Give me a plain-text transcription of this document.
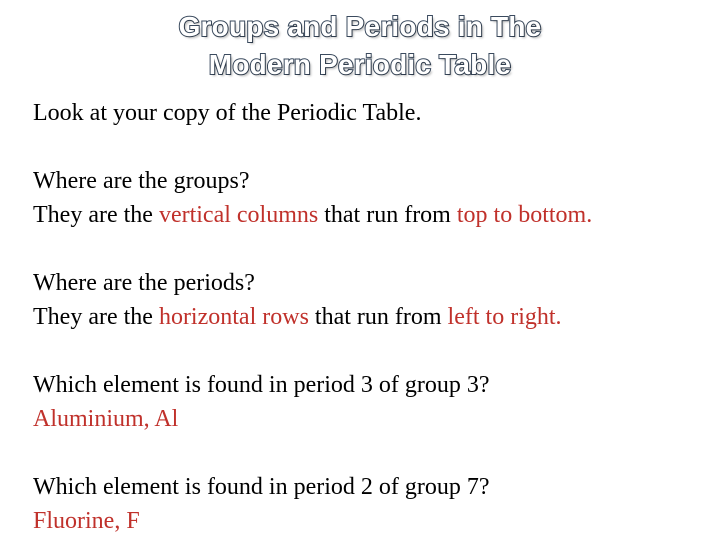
Groups and Periods in The
Modern Periodic Table
Look at your copy of the Periodic Table.
Where are the groups?
They are the vertical columns that run from top to bottom.
Where are the periods?
They are the horizontal rows that run from left to right.
Which element is found in period 3 of group 3?
Aluminium, Al
Which element is found in period 2 of group 7?
Fluorine, F
